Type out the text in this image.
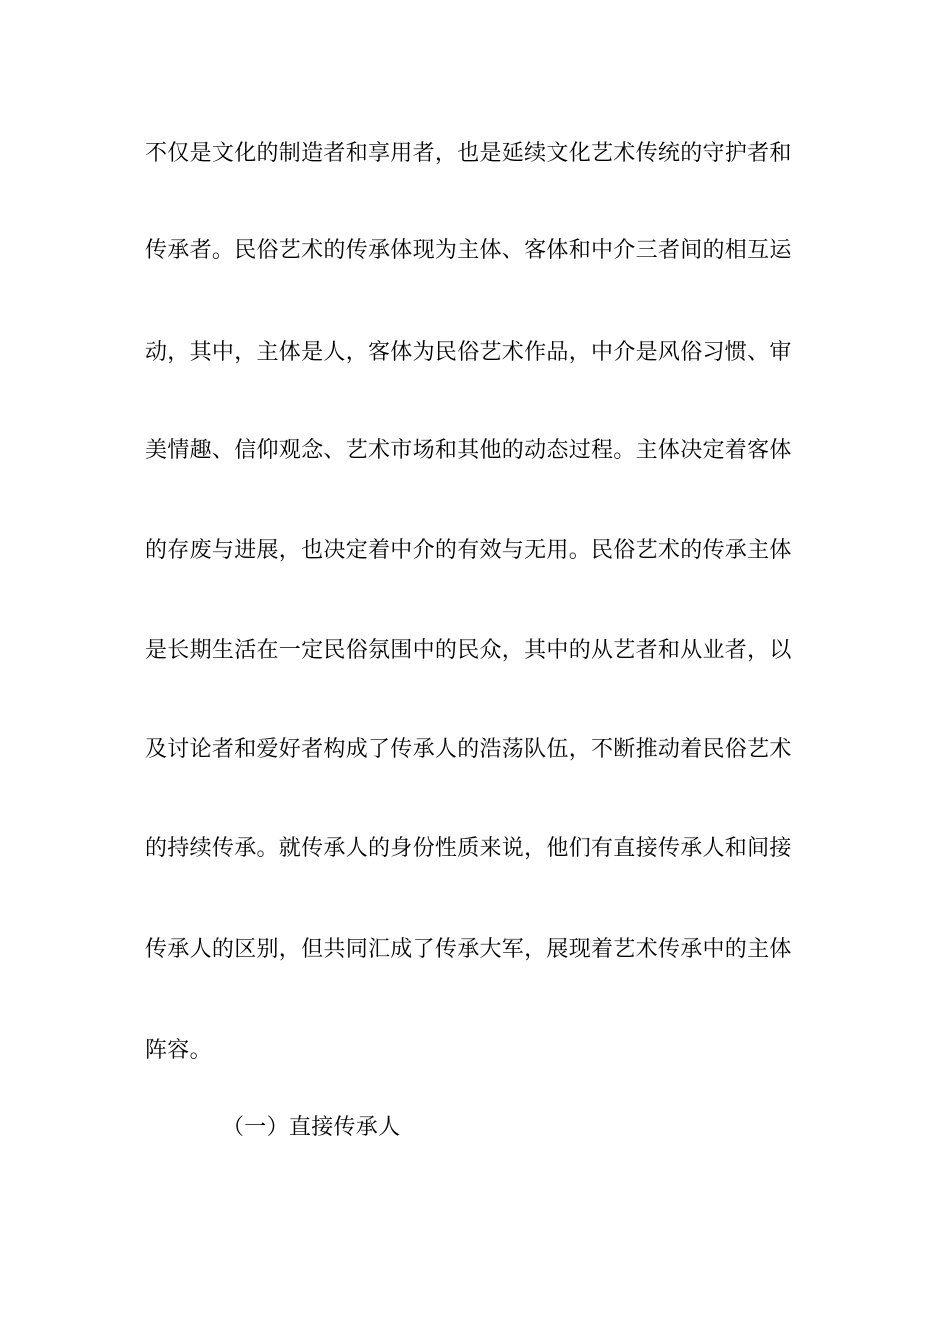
不仅是文化的制造者和享用者，也是延续文化艺术传统的守护者和
传承者。民俗艺术的传承体现为主体、客体和中介三者间的相互运
动，其中，主体是人，客体为民俗艺术作品，中介是风俗习惯、审
美情趣、信仰观念、艺术市场和其他的动态过程。主体决定着客体
的存废与进展，也决定着中介的有效与无用。民俗艺术的传承主体
是长期生活在一定民俗氛围中的民众，其中的从艺者和从业者，以
及讨论者和爱好者构成了传承人的浩荡队伍，不断推动着民俗艺术
的持续传承。就传承人的身份性质来说，他们有直接传承人和间接
传承人的区别，但共同汇成了传承大军，展现着艺术传承中的主体
阵容。
（一）直接传承人
